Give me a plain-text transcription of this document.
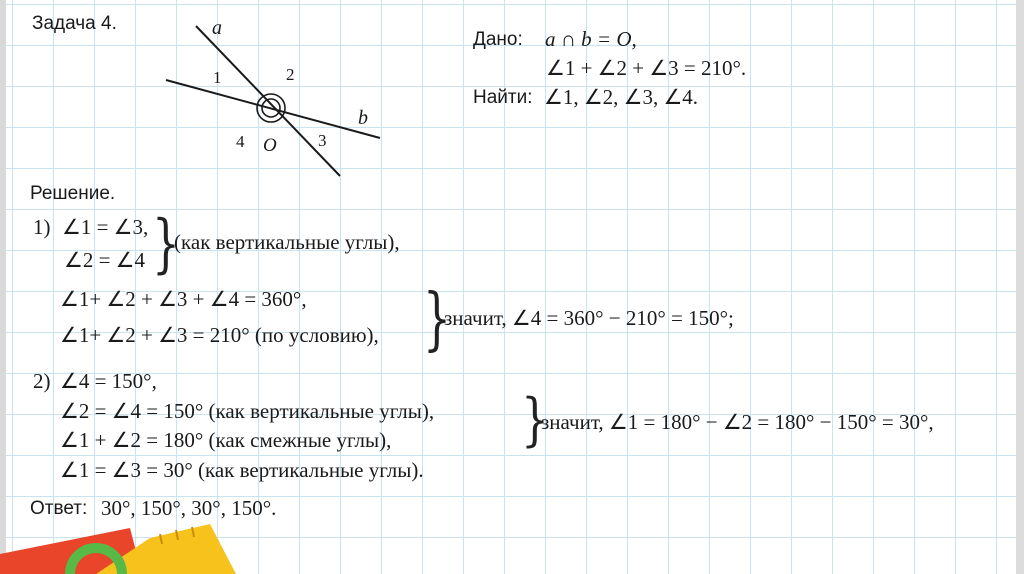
Задача 4.	a
b
1	2
3
4 O
Дано: a ∩ b = O,
∠1 + ∠2 + ∠3 = 210°.
Найти: ∠1, ∠2, ∠3, ∠4.
Решение.
1) ∠1 = ∠3,
∠2 = ∠4 }
(как вертикальные углы),
∠1+ ∠2 + ∠3 + ∠4 = 360°,
∠1+ ∠2 + ∠3 = 210° (по условию), }
значит, ∠4 = 360° − 210° = 150°;
2) ∠4 = 150°,
∠2 = ∠4 = 150° (как вертикальные углы),
∠1 + ∠2 = 180° (как смежные углы),
∠1 = ∠3 = 30° (как вертикальные углы).
}
значит, ∠1 = 180° − ∠2 = 180° − 150° = 30°,
Ответ: 30°, 150°, 30°, 150°.
